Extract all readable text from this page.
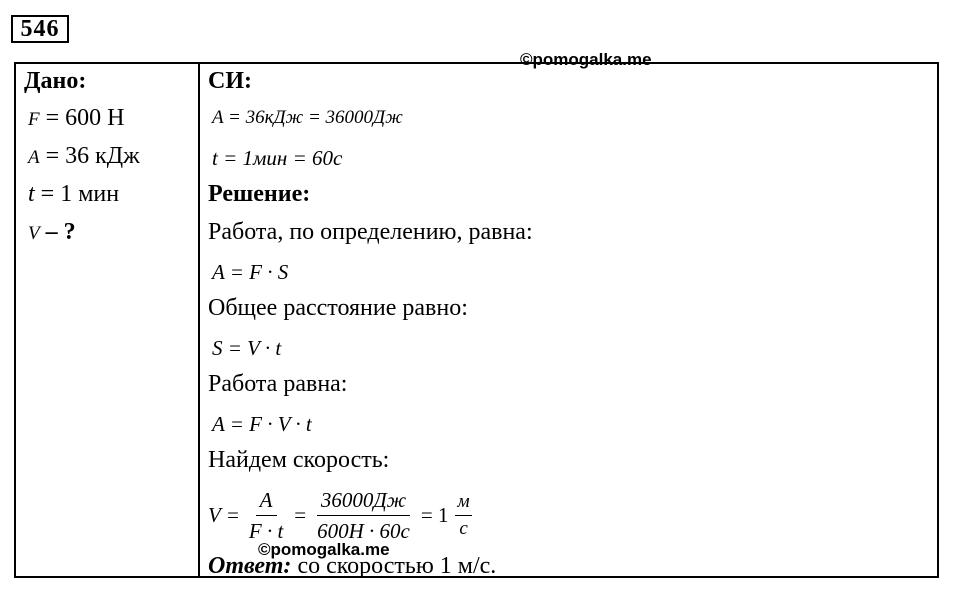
546
Дано:
F = 600 Н
A = 36 кДж
t = 1 мин
V – ?
СИ:
A = 36кДж = 36000Дж
t = 1мин = 60c
Решение:
Работа, по определению, равна:
A = F · S
Общее расстояние равно:
S = V · t
Работа равна:
A = F · V · t
Найдем скорость:
$V = \frac{A}{F \cdot t} = \frac{36000Дж}{600H \cdot 60c} = 1 \frac{м}{с}$
Ответ: со скоростью 1 м/с.
©pomogalka.me
©pomogalka.me
